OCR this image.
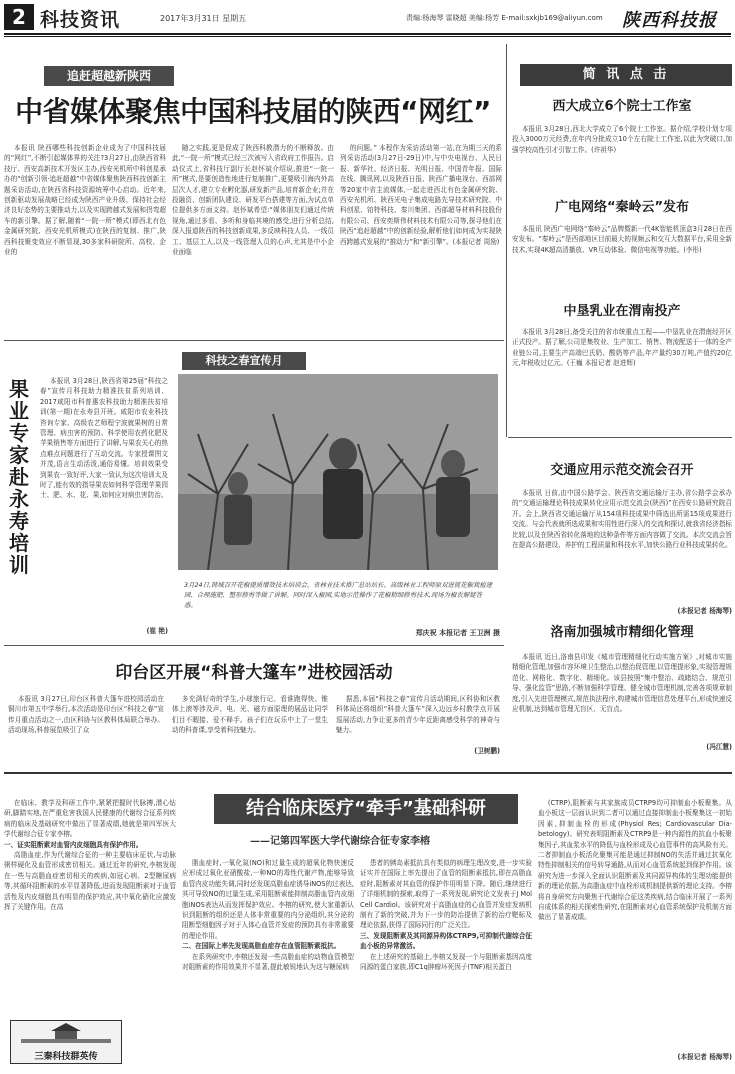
2 科技资讯	2017年3月31日 星期五	责编:杨海琴 雷晓超 美编:杨芳 E-mail:sxkjb169@aliyun.com 陕西科技报
追赶超越新陕西
中省媒体聚焦中国科技届的陕西“网红”

本报讯 陕西哪些科技创新企业成为了中国科技届的“网红”,不断引起媒体界的关注?3月27日,由陕西省科技厅、西安高新技术开发区主办,西安光机所中科创星承办的“创新引领·追赶超越”中省媒体聚焦陕西科技创新主题采访活动,在陕西省科技资源统筹中心启动。近年来,创新驱动发展战略已经成为陕西产业升级、保持社会经济良好态势的主要推动力,以及实现跨越式发展和拐弯超车的新引擎。据了解,随着“一院一所”模式(即西北有色金属研究院、西安光机所模式)在陕西的复制、推广,陕西科技聚变效应不断显现,30多家科研院所、高校、企业的

随之实践,更是促成了陕西科教潜力的不断释放。由此,“一院一所”模式已经三次被写入省政府工作报告。启动仪式上,省科技厅副厅长赵怀斌介绍说,推进“一院一所”模式,是要创造性地进行复制推广,更要吸引海内外高层次人才,建立专业孵化器,研发新产品,培育新企业;并在投融资、创新团队建设、研发平台搭建等方面,为试点单位提供多方面支持。赵怀斌希望:“媒体朋友们通过传统视角,通过多看、多听和身临其境的感受,进行分析总结,深入报道陕西的科技创新成果,多反映科技人员、一线员工、基层工人,以及一线管理人员的心声,尤其是中小企业面临

的问题。” 本程作为采访活动第一站,在为期三天的系列采访活动(3月27日-29日)中,与中央电视台、人民日报、新华社、经济日报、光明日报、中国青年报、国际在线、腾讯网,以及陕西日报、陕西广播电视台、西部网等20家中省主流媒体,一起走进西北有色金属研究院、西安光机所、陕西光电子集成电路先导技术研究院、中科创星、铂特科技、秦川集团、西部超导材料科技股份有限公司、西安奕斯伟材料技术有限公司等,探寻他们在陕西“追赶超越”中的创新经验,解析他们如何成为实现陕西跨越式发展的“推动力”和“新引擎”。(本报记者 周励)

简 讯 点 击
西大成立6个院士工作室

本报讯 3月28日,西北大学成立了6个院士工作室。据介绍,学校计划专项投入3000万元经费,在年内分批成立10个左右院士工作室,以此为突破口,加强学校高性引才引智工作。(许祖华)

广电网络“秦岭云”发布

本报讯 陕西广电网络“秦岭云”品牌暨新一代4K智能机顶盒3月28日在西安发布。“秦岭云”是西部地区目前最大的视频云和交互大数据平台,采用全新技术,实现4K超高清播放、VR互动体验、微信电视等功能。(李彤)

中垦乳业在渭南投产

本报讯 3月28日,备受关注的省市统重点工程——中垦乳业在渭南经开区正式投产。据了解,公司是集牧业、生产加工、销售、物流配送于一体的全产业链公司,主要生产高端巴氏奶、酸奶等产品,年产量约30万吨,产值约20亿元,年税收过亿元。(王巍 本报记者 赵进辉)

科技之春宣传月
果业专家赴永寿培训

本报讯 3月28日,陕西省第25届“科技之春”宣传月科技助力精准扶贫系列培训、2017咸阳市科普惠农科技助力精准扶贫培训(第一期)在永寿县开班。咸阳市农业科技咨询专家、高级农艺师程宁波就果树的日常管理、病虫害的预防、科学使用农药化肥及苹果销售等方面进行了讲解,与果农关心的热点难点问题进行了互动交流。专家授课图文并茂,语言生动活泼,通俗易懂。培训效果受到果农一致好评,大家一致认为这次培训太及时了,能有效的指导果农如何科学管理苹果园土、肥、水、花、果,如何应对病虫害防治。

(崔 艳)
3月24日,韩城召开花椒提质增效技术培训会。省林业技术推广总站站长、高级林业工程师原双进就花椒栽植建园、合理施肥、整形修剪等做了讲解。同时深入椒园,实地示范操作了花椒精细修剪技术,现场为椒农解疑答惑。
郑庆祝 本报记者 王卫洲 摄
交通应用示范交流会召开

本报讯 日前,由中国公路学会、陕西省交通运输厅主办,省公路学会承办的“交通运输理论科技成果转化应用示范交流会(陕西)”在西安公路研究院召开。会上,陕西省交通运输厅从154项科技成果中筛选出所需15项成果进行交流。与会代表就所选成果和实用性进行深入的交流和探讨,就我省经济指标比较,以及在陕西省转化落地的这种条件等方面内容做了交流。本次交流会旨在提高公路建设、养护的工程质量和科技水平,加快公路行业科技成果转化。

(本报记者 杨海琴)
洛南加强城市精细化管理

本报讯 近日,洛南县印发《城市管理精细化行动实施方案》,对城市实施精细化管理,加强市容环境卫生整治,以整治促管理,以管理提形象,实现管理规范化、网格化、数字化、精细化。该县按照“集中整治、疏睹结合、规范引导、强化监管”思路,不断加强科学管理、健全城市管理机制,完善各项规章制度,引入先进管理模式,规范执法程序,构建城市管理信息处理平台,形成快速反应机制,达到城市管理无盲区、无盲点。

(冯江慧)
印台区开展“科普大篷车”进校园活动

本报讯 3月27日,印台区科普大篷车进校园活动在铜川市第五中学举行,本次活动是印台区“科技之春”宣传月重点活动之一,由区科协与区教科体局联合举办。活动现场,科普展览吸引了众

多充满好奇的学生,小球旅行记、看谁跑得快、锥体上滚等涉及声、电、光、磁方面原理的展品让同学们目不暇接、爱不释手。孩子们在玩乐中上了一堂生动的科普课,享受着科技魅力。

据悉,本届“科技之春”宣传月活动期间,区科协和区教科体局还将组织“科普大篷车”深入边远乡村教学点开展巡展活动,力争让更多的青少年近距离感受科学的神奇与魅力。

(卫树鹏)
结合临床医疗“牵手”基础科研
——记第四军医大学代谢综合征专家李榕

在临床、教学及科研工作中,紧紧把握时代脉搏,潜心钻研,脚踏实地,在严重危害我国人民健康的代谢综合征系列疾病的临床及基础研究中做出了显著成绩,她就是第四军医大学代谢综合征专家李榕。

一、证实阻断素对血管内皮细胞具有保护作用。

高脂血症,作为代谢综合征的一种主要临床征状,与动脉粥样硬化及血管形成密切相关。通过近年的研究,李榕发现在一些与高脂血症密切相关的疾病,如冠心病、2型糖尿病等,其循环阻断素的水平显著降低,进而发现阻断素对于血管活性及内皮细胞具有明显的保护效应,其中氧化硝化应激发挥了关键作用。在高

三秦科技群英传

脂血症时,一氧化氮(NO)和过量生成的超氧化物快速反应形成过氧化亚硝酸盐,一种NO的毒性代谢产物,能够导致血管内皮功能失调,同时还发现高脂血症诱导iNOS的过表达,其可导致NO的过量生成,采用阻断素能抑制高脂血管内皮细胞iNOS表达从而发挥保护效应。李榕的研究,使大家重新认识到阻断的组织还是人体非常重要的内分泌组织,其分泌的阻断型细胞因子对于人体心血管并发症的预防具有非常重要的理论作用。

二、在国际上率先发现高脂血症存在血管阻断素抵抗。

在系列研究中,李榕还发现一些高脂血症的动物血管模型对阻断素的作用效果并不显著,提此敏锐地认为这与糖尿病

患者的胰岛素抵抗具有类似的病理生理改变,进一步实验证实并在国际上率先提出了血管的阻断素抵抗,即在高脂血症时,阻断素对其血管的保护作用明显下降。随后,继续进行了详细机制的探索,取得了一系列发现,研究论文发表于J Mol Cell Cardiol。该研究对于高脂血症的心血管并发症发病机制有了新的突破,并为下一步的防治提供了新的治疗靶标及理论依据,获得了国际同行的广泛关注。

三、发现阻断素及其同源异构体CTRP9,可抑制代谢综合征血小板的异常激活。

在上述研究的基础上,李榕又发现一个与阻断素基因高度同源的蛋白家族,即C1q肿瘤坏死因子(TNF)相关蛋白

(CTRP),阻断素与其家族成员CTRP9均可抑制血小板聚集。从血小板这一层面认识到二者可以通过直接抑制血小板聚集这一初始因素,抑制血栓的形成(Physiol Res; Cardiovascular Dia-betology)。研究表明阻断素及CTRP9是一种内源性的抗血小板聚集因子,其血浆水平的降低与血栓形成及心血管事件的高风险有关。二者抑制血小板活化聚集可能是通过抑制NO的失活并通过抗氧化特性抑制相关的信号转导通路,从而对心血管系统起到保护作用。该研究为进一步深入全面认识阻断素及其同源异构体的生理功能提供新的理论依据,为高脂血症中血栓形成机制提供新的理论支持。李榕将自身研究方向聚焦于代谢综合征这类疾病,结合临床开展了一系列自成体系的相关探索性研究,在阻断素对心血管系统保护及机制方面做出了显著成绩。

(本报记者 杨海琴)
